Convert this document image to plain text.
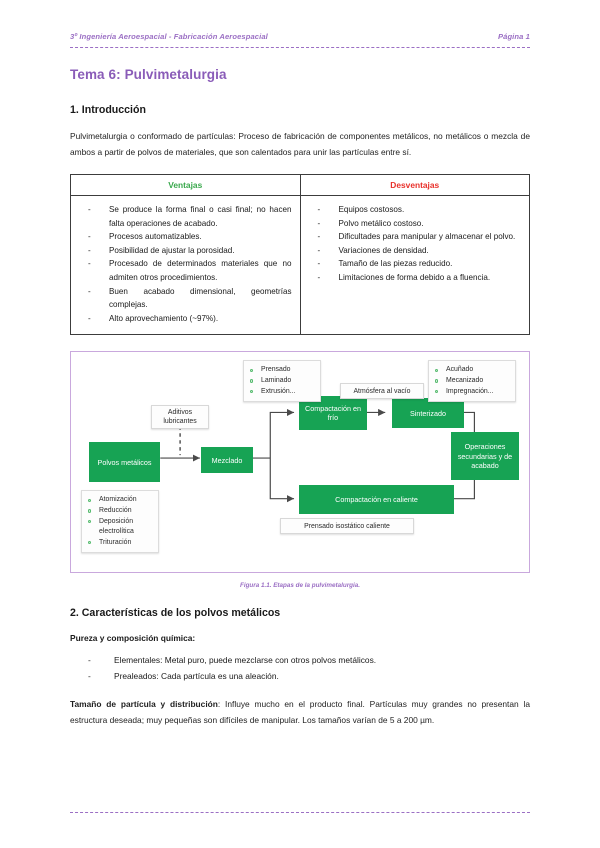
3º Ingeniería Aeroespacial - Fabricación Aeroespacial	Página 1
Tema 6: Pulvimetalurgia
1. Introducción

Pulvimetalurgia o conformado de partículas: Proceso de fabricación de componentes metálicos, no metálicos o mezcla de ambos a partir de polvos de materiales, que son calentados para unir las partículas entre sí.

Ventajas	Desventajas

- Se produce la forma final o casi final; no hacen falta operaciones de acabado.
- Procesos automatizables.
- Posibilidad de ajustar la porosidad.
- Procesado de determinados materiales que no admiten otros procedimientos.
- Buen acabado dimensional, geometrías complejas.
- Alto aprovechamiento (~97%).

- Equipos costosos.
- Polvo metálico costoso.
- Dificultades para manipular y almacenar el polvo.
- Variaciones de densidad.
- Tamaño de las piezas reducido.
- Limitaciones de forma debido a a fluencia.
Polvos metálicos	Mezclado
Compactación en frío
Compactación en caliente
Sinterizado
Operaciones secundarias y de acabado
Aditivos lubricantes
Atmósfera al vacío
Prensado isostático caliente
Prensado
Laminado
Extrusión...
Acuñado
Mecanizado
Impregnación...
Atomización
Reducción
Deposición electrolítica
Trituración
Figura 1.1. Etapas de la pulvimetalurgia.
2. Características de los polvos metálicos
Pureza y composición química:
- Elementales: Metal puro, puede mezclarse con otros polvos metálicos.
- Prealeados: Cada partícula es una aleación.

Tamaño de partícula y distribución: Influye mucho en el producto final. Partículas muy grandes no presentan la estructura deseada; muy pequeñas son difíciles de manipular. Los tamaños varían de 5 a 200 µm.
